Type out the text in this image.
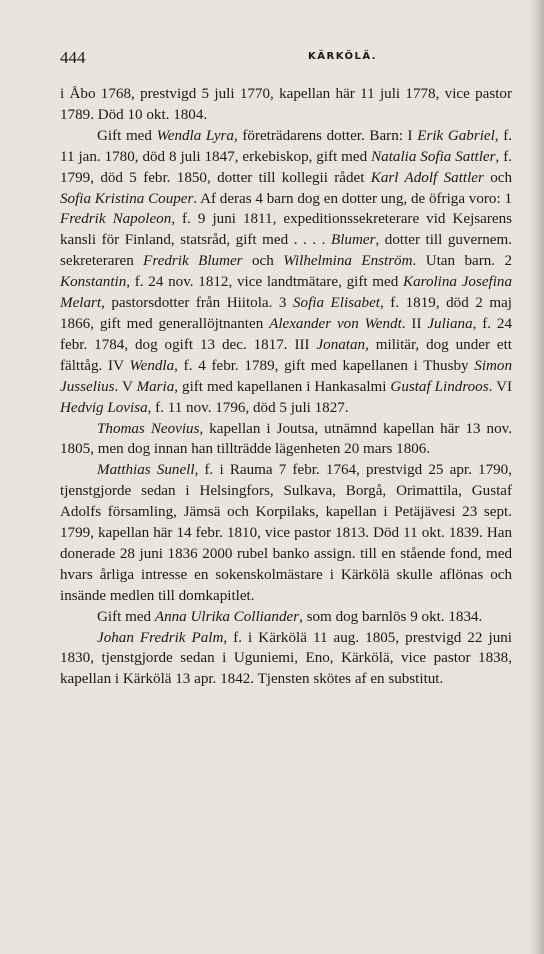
444	KÄRKÖLÄ.

i Åbo 1768, prestvigd 5 juli 1770, kapellan här 11 juli 1778, vice pastor 1789. Död 10 okt. 1804.

Gift med Wendla Lyra, företrädarens dotter. Barn: I Erik Gabriel, f. 11 jan. 1780, död 8 juli 1847, erkebiskop, gift med Natalia Sofia Sattler, f. 1799, död 5 febr. 1850, dotter till kollegii rådet Karl Adolf Sattler och Sofia Kristina Couper. Af deras 4 barn dog en dotter ung, de öfriga voro: 1 Fredrik Napoleon, f. 9 juni 1811, expeditionssekreterare vid Kejsarens kansli för Finland, statsråd, gift med . . . . Blumer, dotter till guvernem. sekreteraren Fredrik Blumer och Wilhelmina Enström. Utan barn. 2 Konstantin, f. 24 nov. 1812, vice landtmätare, gift med Karolina Josefina Melart, pastorsdotter från Hiitola. 3 Sofia Elisabet, f. 1819, död 2 maj 1866, gift med generallöjtnanten Alexander von Wendt. II Juliana, f. 24 febr. 1784, dog ogift 13 dec. 1817. III Jonatan, militär, dog under ett fälttåg. IV Wendla, f. 4 febr. 1789, gift med kapellanen i Thusby Simon Jusselius. V Maria, gift med kapellanen i Hankasalmi Gustaf Lindroos. VI Hedvig Lovisa, f. 11 nov. 1796, död 5 juli 1827.

Thomas Neovius, kapellan i Joutsa, utnämnd kapellan här 13 nov. 1805, men dog innan han tillträdde lägenheten 20 mars 1806.

Matthias Sunell, f. i Rauma 7 febr. 1764, prestvigd 25 apr. 1790, tjenstgjorde sedan i Helsingfors, Sulkava, Borgå, Orimattila, Gustaf Adolfs församling, Jämsä och Korpilaks, kapellan i Petäjävesi 23 sept. 1799, kapellan här 14 febr. 1810, vice pastor 1813. Död 11 okt. 1839. Han donerade 28 juni 1836 2000 rubel banko assign. till en stående fond, med hvars årliga intresse en sokenskolmästare i Kärkölä skulle aflönas och insände medlen till domkapitlet.

Gift med Anna Ulrika Colliander, som dog barnlös 9 okt. 1834.

Johan Fredrik Palm, f. i Kärkölä 11 aug. 1805, prestvigd 22 juni 1830, tjenstgjorde sedan i Uguniemi, Eno, Kärkölä, vice pastor 1838, kapellan i Kärkölä 13 apr. 1842. Tjensten skötes af en substitut.
